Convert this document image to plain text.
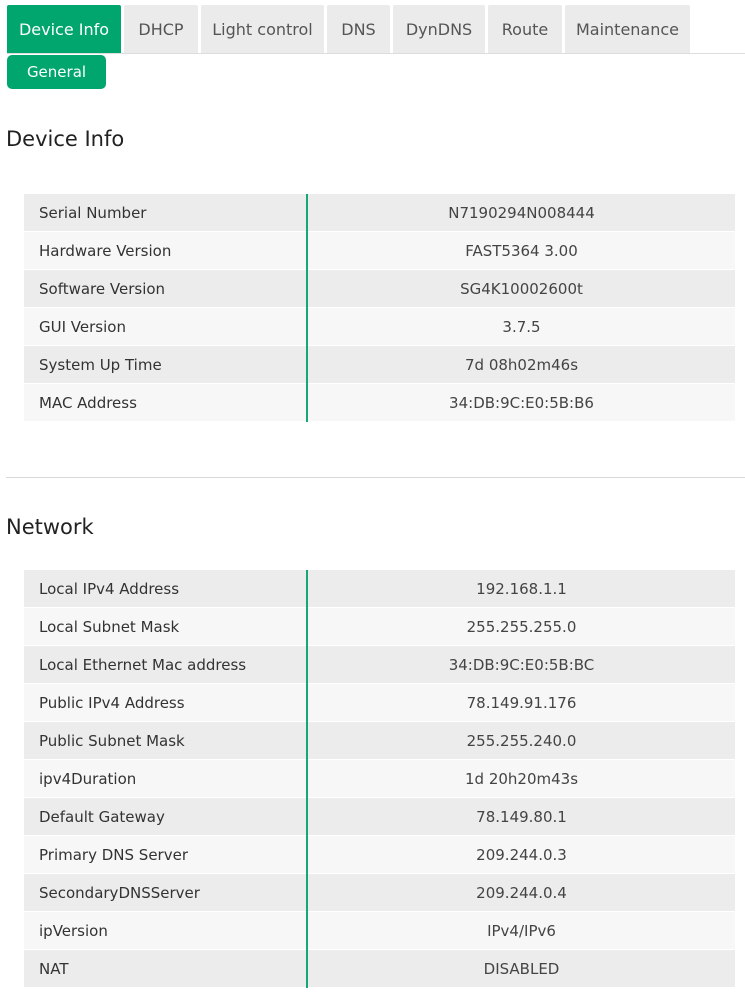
Device Info	DHCP	Light control	DNS	DynDNS	Route	Maintenance
General
Device Info
Serial Number	N7190294N008444
Hardware Version	FAST5364 3.00
Software Version	SG4K10002600t
GUI Version	3.7.5
System Up Time	7d 08h02m46s
MAC Address	34:DB:9C:E0:5B:B6
Network
Local IPv4 Address	192.168.1.1
Local Subnet Mask	255.255.255.0
Local Ethernet Mac address	34:DB:9C:E0:5B:BC
Public IPv4 Address	78.149.91.176
Public Subnet Mask	255.255.240.0
ipv4Duration	1d 20h20m43s
Default Gateway	78.149.80.1
Primary DNS Server	209.244.0.3
SecondaryDNSServer	209.244.0.4
ipVersion	IPv4/IPv6
NAT	DISABLED
